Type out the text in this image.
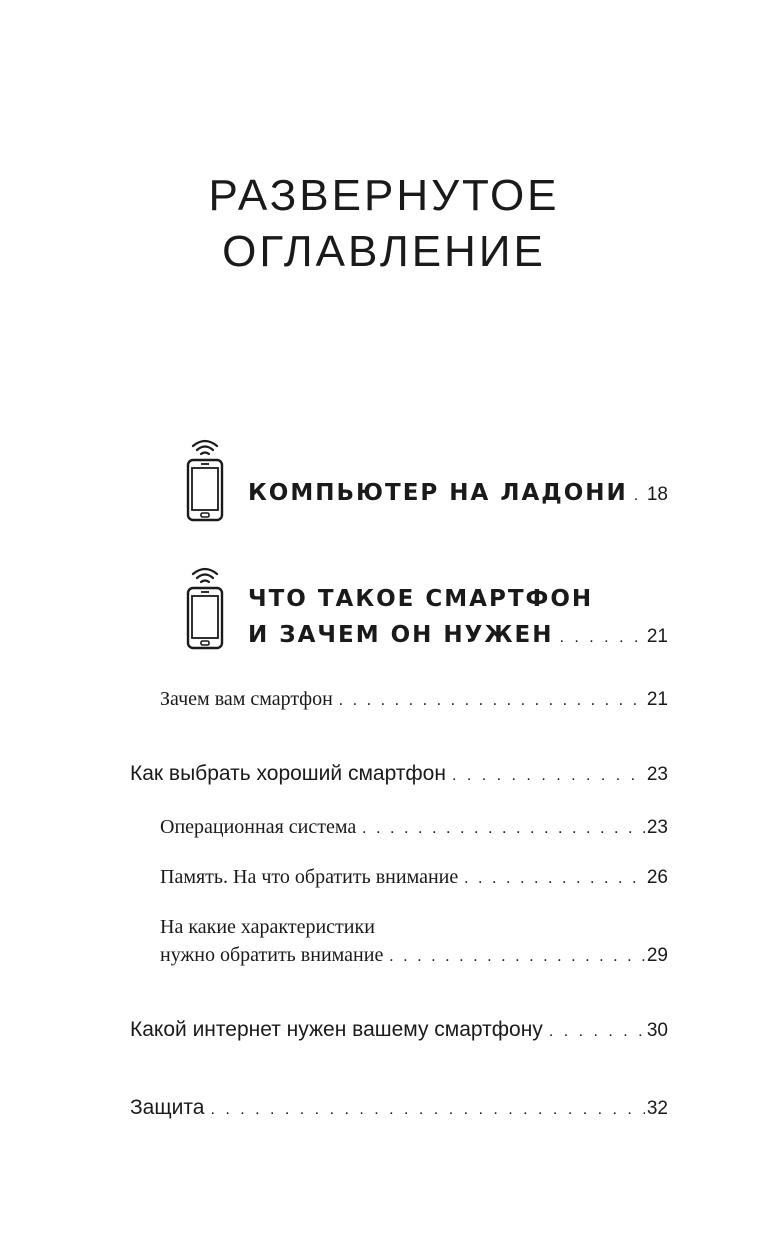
РАЗВЕРНУТОЕ
ОГЛАВЛЕНИЕ
КОМПЬЮТЕР НА ЛАДОНИ . . . 18
ЧТО ТАКОЕ СМАРТФОН
И ЗАЧЕМ ОН НУЖЕН . . .	21
Зачем вам смартфон . . .	21
Как выбрать хороший смартфон . . .	23
Операционная система . . .	23
Память. На что обратить внимание . . .	26
На какие характеристики
нужно обратить внимание . . .	29
Какой интернет нужен вашему смартфону . . .	30
Защита . . .	32
